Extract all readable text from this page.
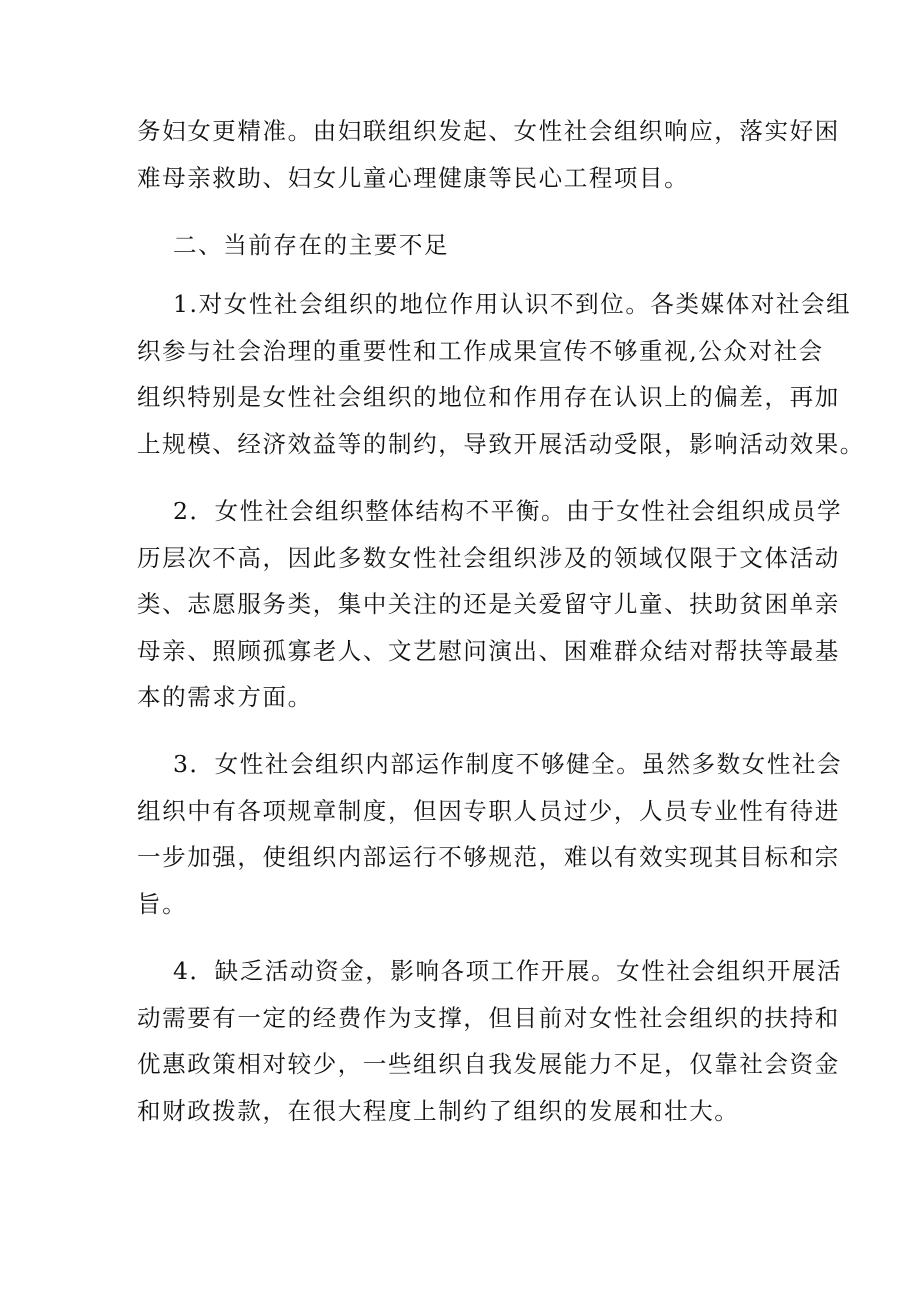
务妇女更精准。由妇联组织发起、女性社会组织响应，落实好困
难母亲救助、妇女儿童心理健康等民心工程项目。
二、当前存在的主要不足
1.对女性社会组织的地位作用认识不到位。各类媒体对社会组
织参与社会治理的重要性和工作成果宣传不够重视,公众对社会
组织特别是女性社会组织的地位和作用存在认识上的偏差，再加
上规模、经济效益等的制约，导致开展活动受限，影响活动效果。
2．女性社会组织整体结构不平衡。由于女性社会组织成员学
历层次不高，因此多数女性社会组织涉及的领域仅限于文体活动
类、志愿服务类，集中关注的还是关爱留守儿童、扶助贫困单亲
母亲、照顾孤寡老人、文艺慰问演出、困难群众结对帮扶等最基
本的需求方面。
3．女性社会组织内部运作制度不够健全。虽然多数女性社会
组织中有各项规章制度，但因专职人员过少，人员专业性有待进
一步加强，使组织内部运行不够规范，难以有效实现其目标和宗
旨。
4．缺乏活动资金，影响各项工作开展。女性社会组织开展活
动需要有一定的经费作为支撑，但目前对女性社会组织的扶持和
优惠政策相对较少，一些组织自我发展能力不足，仅靠社会资金
和财政拨款，在很大程度上制约了组织的发展和壮大。
